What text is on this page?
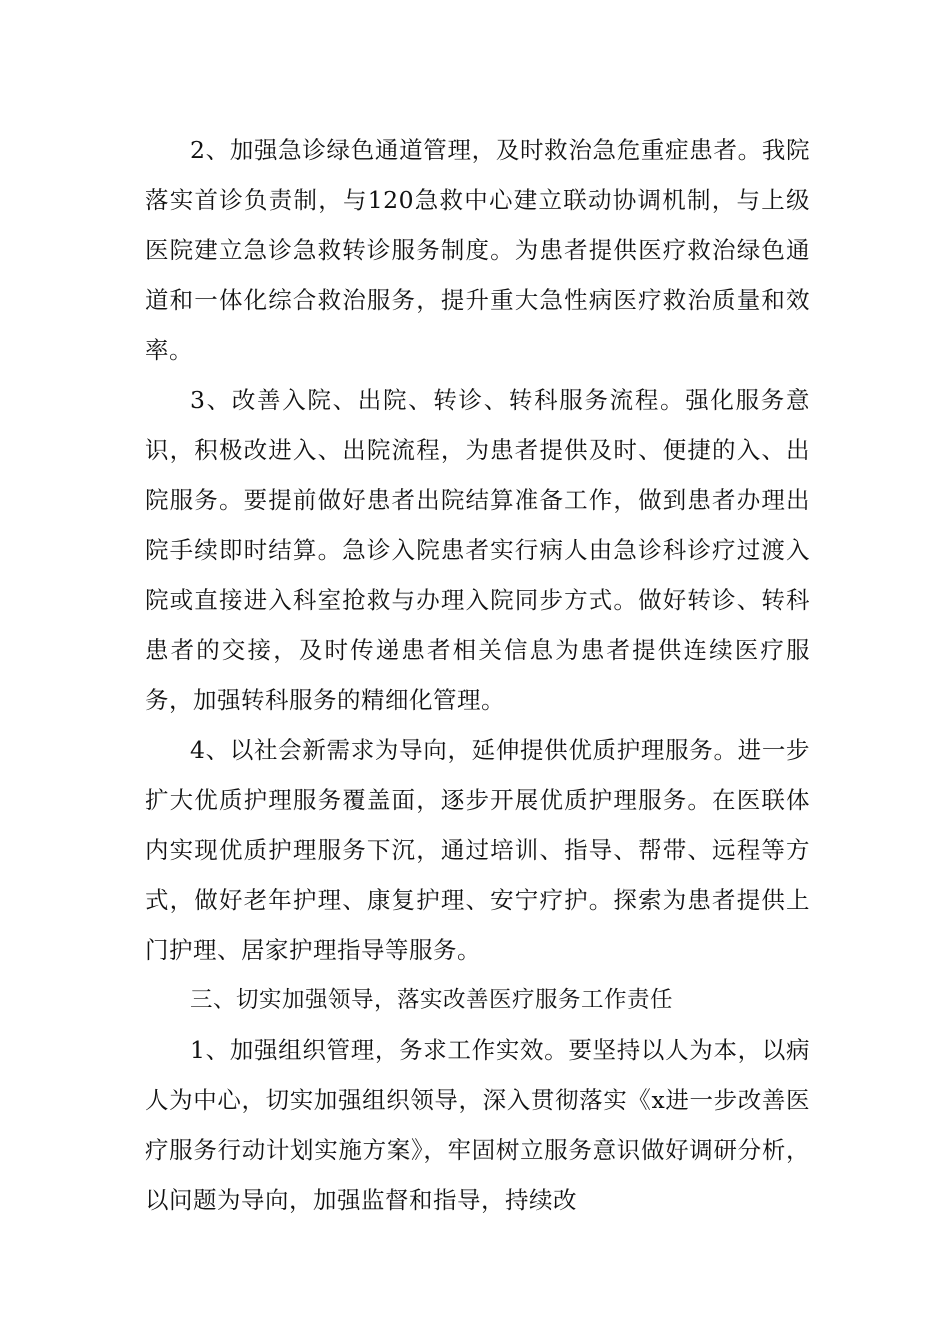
2、加强急诊绿色通道管理，及时救治急危重症患者。我院落实首诊负责制，与120急救中心建立联动协调机制，与上级医院建立急诊急救转诊服务制度。为患者提供医疗救治绿色通道和一体化综合救治服务，提升重大急性病医疗救治质量和效率。

3、改善入院、出院、转诊、转科服务流程。强化服务意识，积极改进入、出院流程，为患者提供及时、便捷的入、出院服务。要提前做好患者出院结算准备工作，做到患者办理出院手续即时结算。急诊入院患者实行病人由急诊科诊疗过渡入院或直接进入科室抢救与办理入院同步方式。做好转诊、转科患者的交接，及时传递患者相关信息为患者提供连续医疗服务，加强转科服务的精细化管理。

4、以社会新需求为导向，延伸提供优质护理服务。进一步扩大优质护理服务覆盖面，逐步开展优质护理服务。在医联体内实现优质护理服务下沉，通过培训、指导、帮带、远程等方式，做好老年护理、康复护理、安宁疗护。探索为患者提供上门护理、居家护理指导等服务。

三、切实加强领导，落实改善医疗服务工作责任

1、加强组织管理，务求工作实效。要坚持以人为本，以病人为中心，切实加强组织领导，深入贯彻落实《x进一步改善医疗服务行动计划实施方案》，牢固树立服务意识做好调研分析，以问题为导向，加强监督和指导，持续改
